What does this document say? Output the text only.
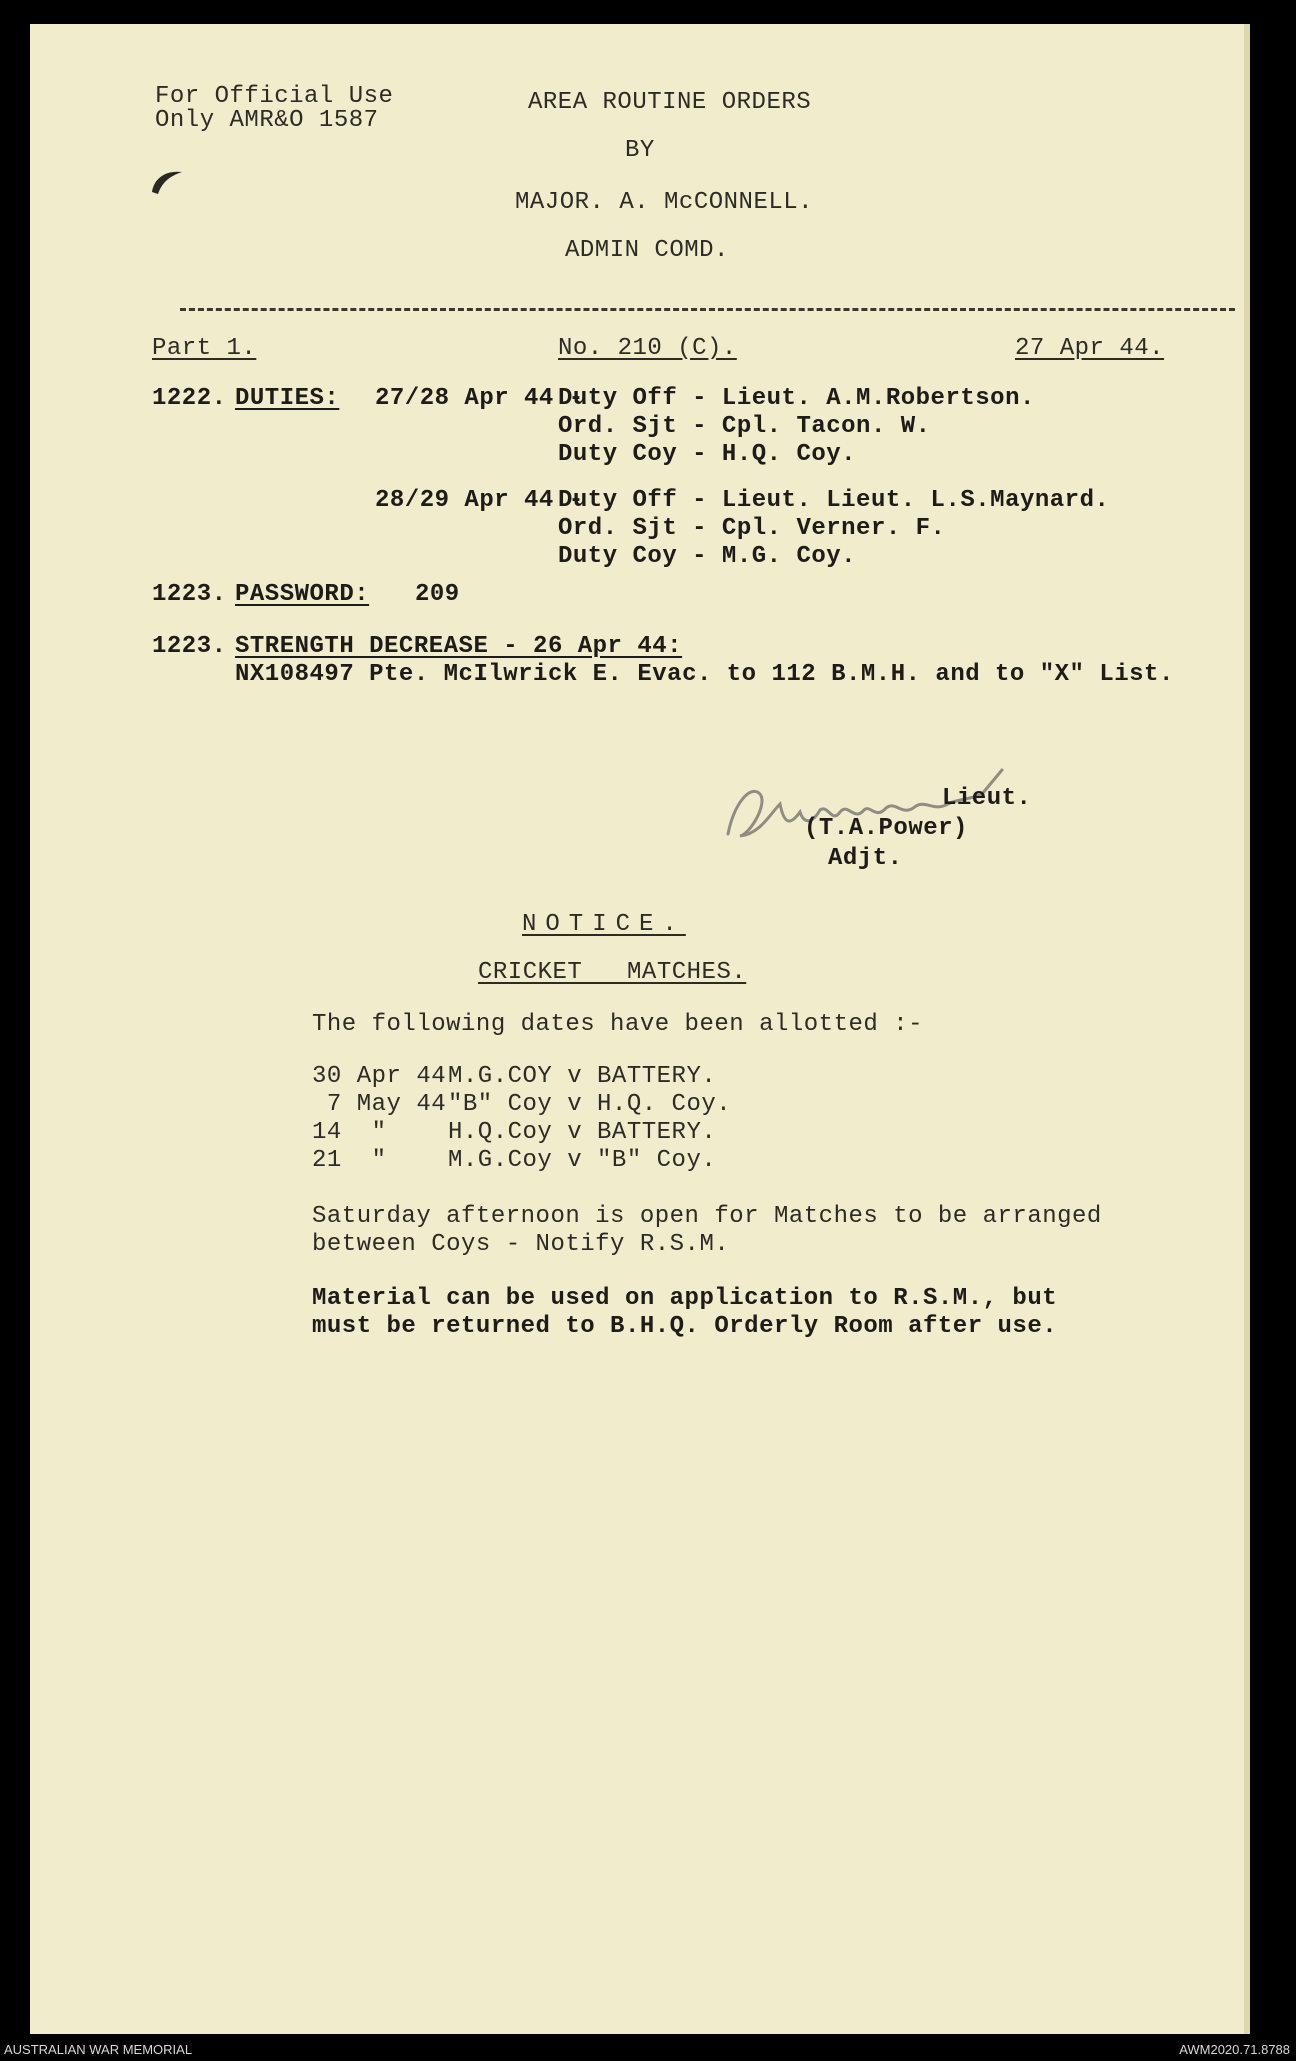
For Official Use
Only AMR&O 1587
AREA ROUTINE ORDERS
BY
MAJOR. A. McCONNELL.
ADMIN COMD.
Part 1.	No. 210 (C).	27 Apr 44.
1222. DUTIES: 27/28 Apr 44 -
Duty Off - Lieut. A.M.Robertson.
Ord. Sjt - Cpl. Tacon. W.
Duty Coy - H.Q. Coy.
28/29 Apr 44 -
Duty Off - Lieut. Lieut. L.S.Maynard.
Ord. Sjt - Cpl. Verner. F.
Duty Coy - M.G. Coy.
1223. PASSWORD: 209
1223. STRENGTH DECREASE - 26 Apr 44:
NX108497 Pte. McIlwrick E. Evac. to 112 B.M.H. and to "X" List.
Lieut.
(T.A.Power)
Adjt.
NOTICE.
CRICKET   MATCHES.
The following dates have been allotted :-
30 Apr 44 M.G.COY v BATTERY.
7 May 44 "B" Coy v H.Q. Coy.
14  "	H.Q.Coy v BATTERY.
21  "	M.G.Coy v "B" Coy.
Saturday afternoon is open for Matches to be arranged
between Coys - Notify R.S.M.
Material can be used on application to R.S.M., but
must be returned to B.H.Q. Orderly Room after use.
AUSTRALIAN WAR MEMORIAL	AWM2020.71.8788
